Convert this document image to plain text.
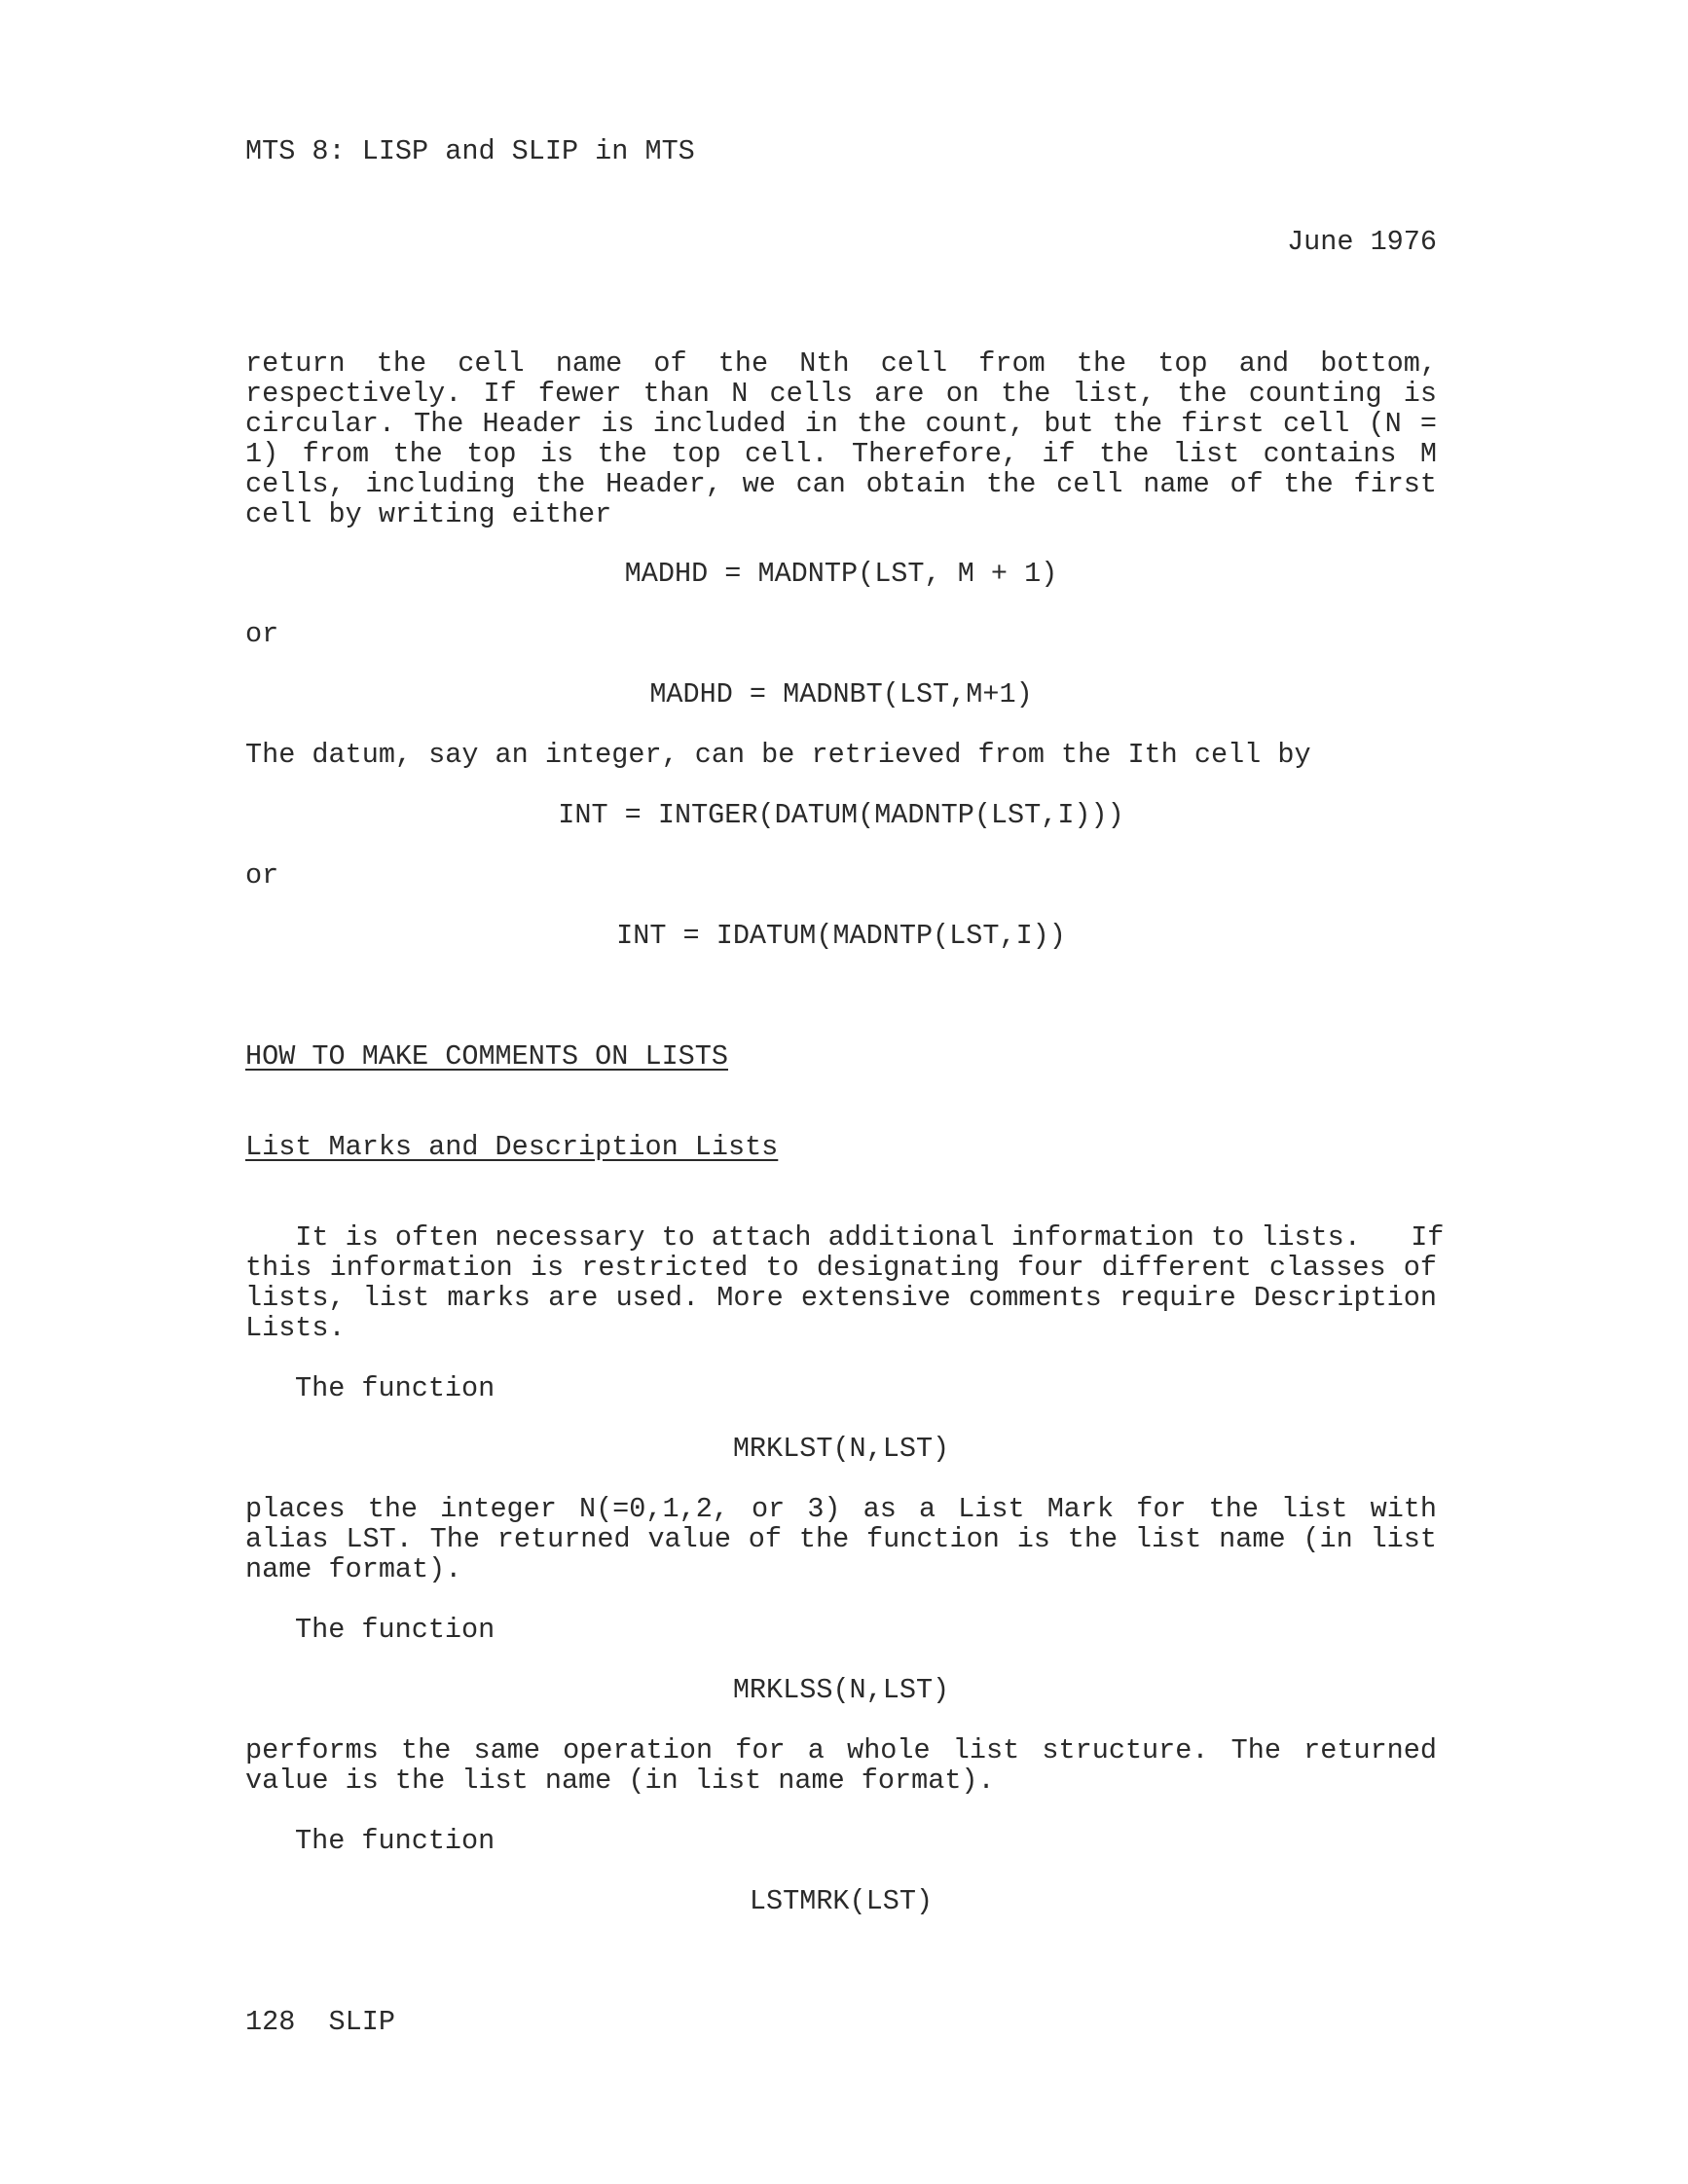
MTS 8: LISP and SLIP in MTS
June 1976
return the cell name of the Nth cell from the top and bottom,
respectively. If fewer than N cells are on the list, the counting is
circular. The Header is included in the count, but the first cell (N =
1) from the top is the top cell. Therefore, if the list contains M
cells, including the Header, we can obtain the cell name of the first
cell by writing either
MADHD = MADNTP(LST, M + 1)
or
MADHD = MADNBT(LST,M+1)
The datum, say an integer, can be retrieved from the Ith cell by
INT = INTGER(DATUM(MADNTP(LST,I)))
or
INT = IDATUM(MADNTP(LST,I))
HOW TO MAKE COMMENTS ON LISTS
List Marks and Description Lists
It is often necessary to attach additional information to lists.   If
this information is restricted to designating four different classes of
lists, list marks are used. More extensive comments require Description
Lists.
The function
MRKLST(N,LST)
places the integer N(=0,1,2, or 3) as a List Mark for the list with
alias LST. The returned value of the function is the list name (in list
name format).
The function
MRKLSS(N,LST)
performs the same operation for a whole list structure. The returned
value is the list name (in list name format).
The function
LSTMRK(LST)
128  SLIP
